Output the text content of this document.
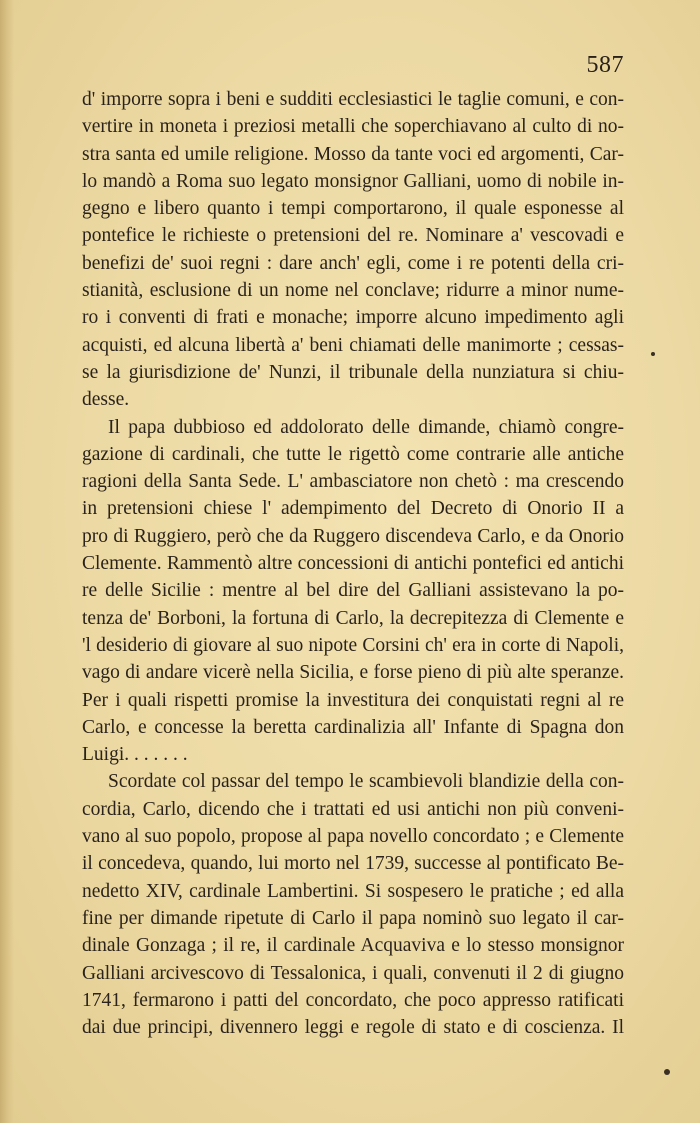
587

d' imporre sopra i beni e sudditi ecclesiastici le taglie comuni, e con-
vertire in moneta i preziosi metalli che soperchiavano al culto di no-
stra santa ed umile religione. Mosso da tante voci ed argomenti, Car-
lo mandò a Roma suo legato monsignor Galliani, uomo di nobile in-
gegno e libero quanto i tempi comportarono, il quale esponesse al
pontefice le richieste o pretensioni del re. Nominare a' vescovadi e
benefizi de' suoi regni : dare anch' egli, come i re potenti della cri-
stianità, esclusione di un nome nel conclave; ridurre a minor nume-
ro i conventi di frati e monache; imporre alcuno impedimento agli
acquisti, ed alcuna libertà a' beni chiamati delle manimorte ; cessas-
se la giurisdizione de' Nunzi, il tribunale della nunziatura si chiu-
desse.

Il papa dubbioso ed addolorato delle dimande, chiamò congre-
gazione di cardinali, che tutte le rigettò come contrarie alle antiche
ragioni della Santa Sede. L' ambasciatore non chetò : ma crescendo
in pretensioni chiese l' adempimento del Decreto di Onorio II a
pro di Ruggiero, però che da Ruggero discendeva Carlo, e da Onorio
Clemente. Rammentò altre concessioni di antichi pontefici ed antichi
re delle Sicilie : mentre al bel dire del Galliani assistevano la po-
tenza de' Borboni, la fortuna di Carlo, la decrepitezza di Clemente e
'l desiderio di giovare al suo nipote Corsini ch' era in corte di Napoli,
vago di andare vicerè nella Sicilia, e forse pieno di più alte speranze.
Per i quali rispetti promise la investitura dei conquistati regni al re
Carlo, e concesse la beretta cardinalizia all' Infante di Spagna don
Luigi. . . . . . .

Scordate col passar del tempo le scambievoli blandizie della con-
cordia, Carlo, dicendo che i trattati ed usi antichi non più conveni-
vano al suo popolo, propose al papa novello concordato ; e Clemente
il concedeva, quando, lui morto nel 1739, successe al pontificato Be-
nedetto XIV, cardinale Lambertini. Si sospesero le pratiche ; ed alla
fine per dimande ripetute di Carlo il papa nominò suo legato il car-
dinale Gonzaga ; il re, il cardinale Acquaviva e lo stesso monsignor
Galliani arcivescovo di Tessalonica, i quali, convenuti il 2 di giugno
1741, fermarono i patti del concordato, che poco appresso ratificati
dai due principi, divennero leggi e regole di stato e di coscienza. Il
